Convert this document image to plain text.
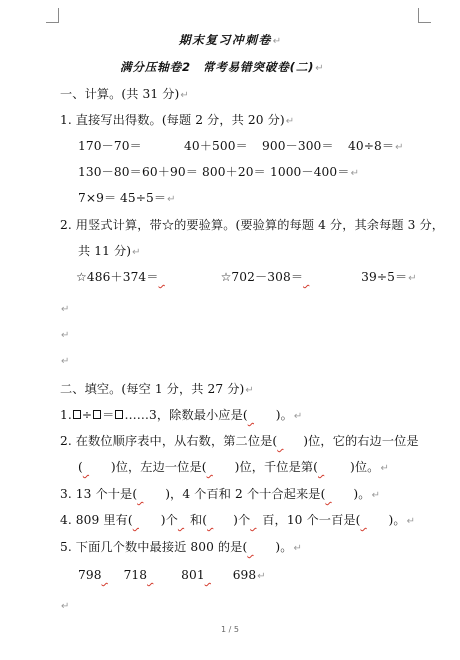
期末复习冲刺卷↵
满分压轴卷2 常考易错突破卷(二)↵
一、计算。(共 31 分)↵
1. 直接写出得数。(每题 2 分，共 20 分)↵
170－70＝	40＋500＝ 900－300＝ 40÷8＝↵
130－80＝60＋90＝ 800＋20＝ 1000－400＝↵
7×9＝ 45÷5＝↵
2. 用竖式计算，带☆的要验算。(要验算的每题 4 分，其余每题 3 分，
共 11 分)↵
☆486＋374＝	☆702－308＝	39÷5＝↵
↵
↵
↵
二、填空。(每空 1 分，共 27 分)↵
1. ÷ ＝ ……3，除数最小应是( )。↵
2. 在数位顺序表中，从右数，第二位是( )位，它的右边一位是
( )位，左边一位是( )位，千位是第(	)位。↵
3. 13 个十是( )，4 个百和 2 个十合起来是( )。↵
4. 809 里有( )个 和( )个 百，10 个一百是( )。↵
5. 下面几个数中最接近 800 的是( )。↵
798 718	801 698↵
↵
1 / 5
